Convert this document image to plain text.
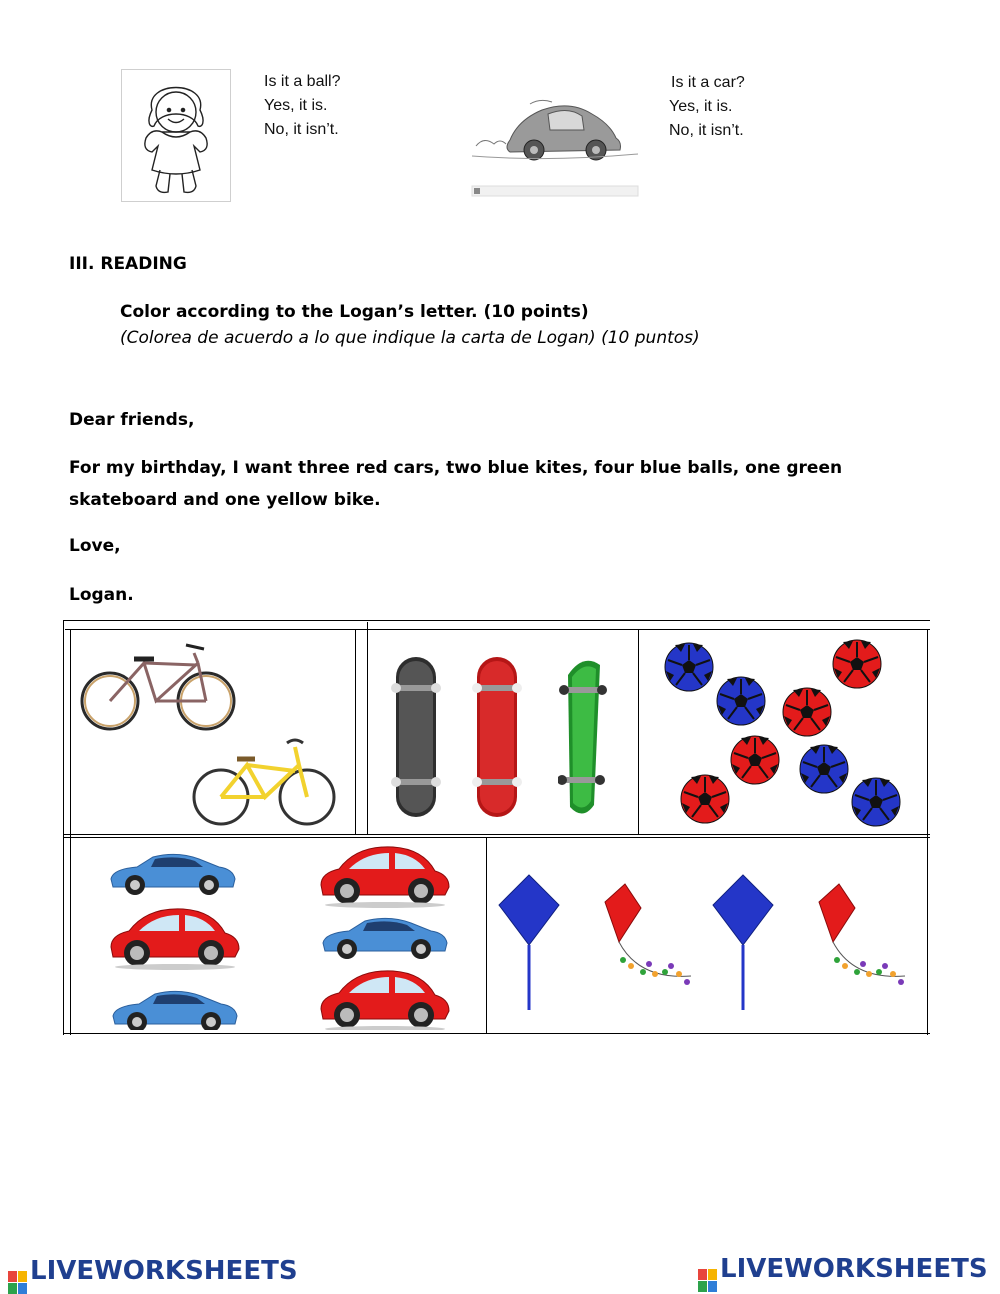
Is it a ball?
Yes, it is.
No, it isn’t.
Is it a car?
Yes, it is.
No, it isn’t.
III. READING
Color according to the Logan’s letter. (10 points)
(Colorea de acuerdo a lo que indique la carta de Logan) (10 puntos)
Dear friends,
For my birthday, I want three red cars, two blue kites, four blue balls, one green
skateboard and one yellow bike.
Love,
Logan.
LIVEWORKSHEETS	LIVEWORKSHEETS
